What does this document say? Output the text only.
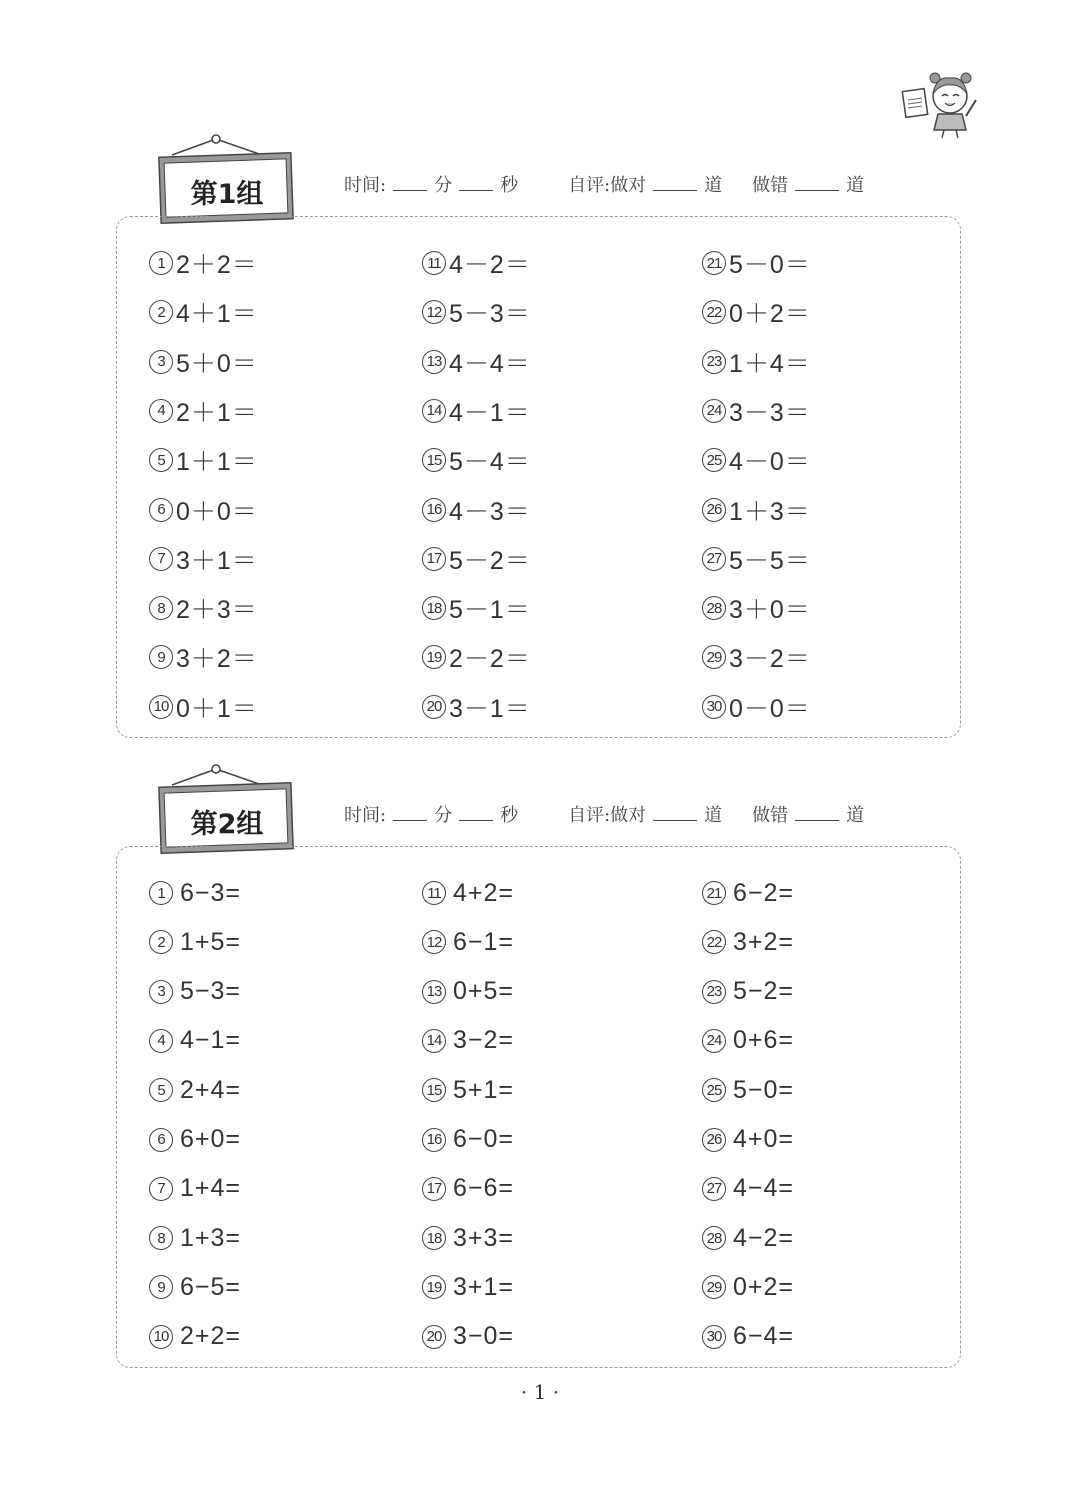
第1组	时间:	分	秒	自评:做对	道 做错	道
1 2＋2＝
2 4＋1＝
3 5＋0＝
4 2＋1＝
5 1＋1＝
6 0＋0＝
7 3＋1＝
8 2＋3＝
9 3＋2＝
10 0＋1＝
11 4－2＝
12 5－3＝
13 4－4＝
14 4－1＝
15 5－4＝
16 4－3＝
17 5－2＝
18 5－1＝
19 2－2＝
20 3－1＝
21 5－0＝
22 0＋2＝
23 1＋4＝
24 3－3＝
25 4－0＝
26 1＋3＝
27 5－5＝
28 3＋0＝
29 3－2＝
30 0－0＝
第2组	时间:	分	秒	自评:做对	道 做错	道
1 6−3=
2 1+5=
3 5−3=
4 4−1=
5 2+4=
6 6+0=
7 1+4=
8 1+3=
9 6−5=
10 2+2=
11 4+2=
12 6−1=
13 0+5=
14 3−2=
15 5+1=
16 6−0=
17 6−6=
18 3+3=
19 3+1=
20 3−0=
21 6−2=
22 3+2=
23 5−2=
24 0+6=
25 5−0=
26 4+0=
27 4−4=
28 4−2=
29 0+2=
30 6−4=
· 1 ·
